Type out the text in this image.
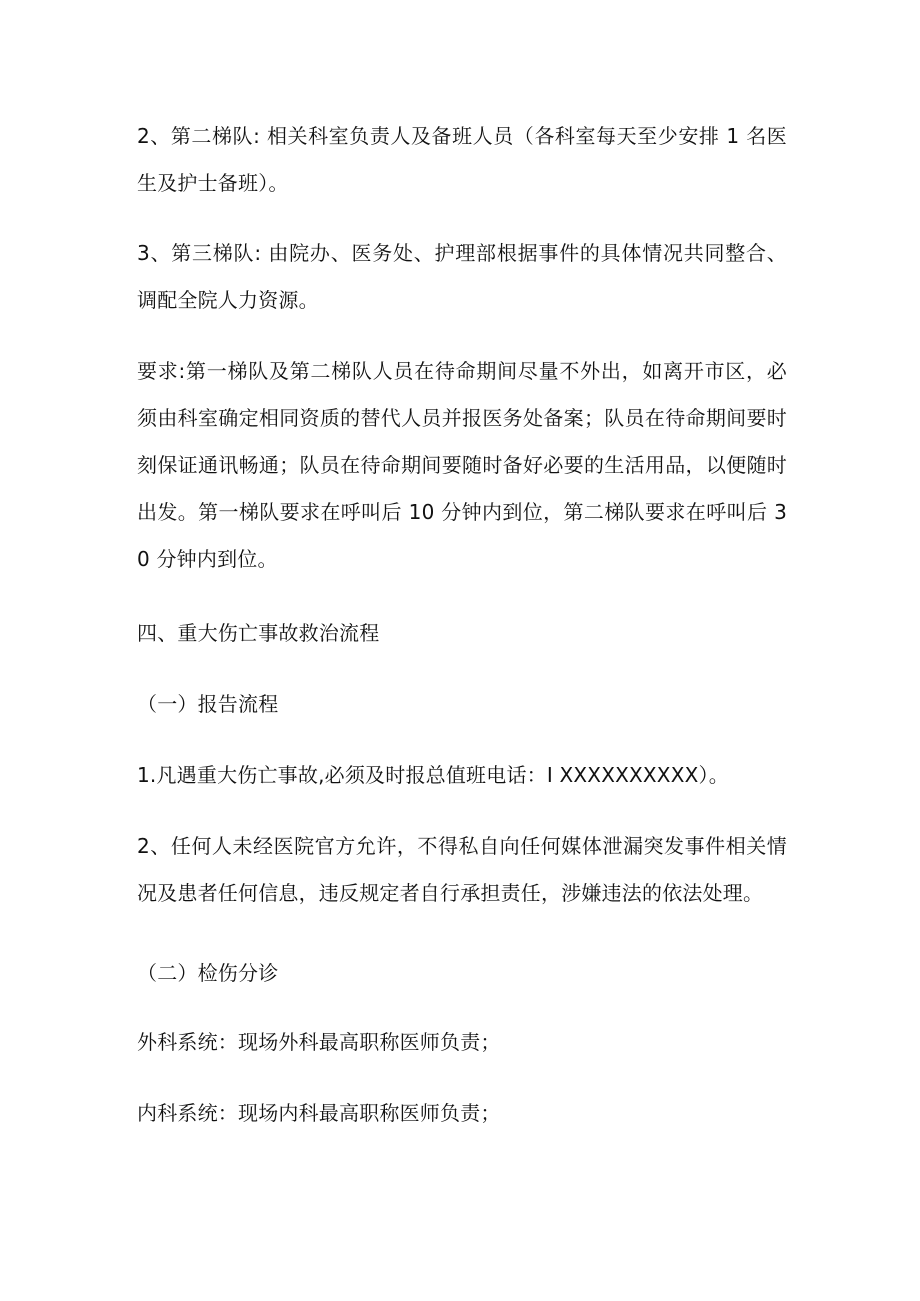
2、第二梯队: 相关科室负责人及备班人员（各科室每天至少安排 1 名医生及护士备班）。

3、第三梯队: 由院办、医务处、护理部根据事件的具体情况共同整合、调配全院人力资源。

要求:第一梯队及第二梯队人员在待命期间尽量不外出，如离开市区，必须由科室确定相同资质的替代人员并报医务处备案；队员在待命期间要时刻保证通讯畅通；队员在待命期间要随时备好必要的生活用品，以便随时出发。第一梯队要求在呼叫后 10 分钟内到位，第二梯队要求在呼叫后 30 分钟内到位。

四、重大伤亡事故救治流程

（一）报告流程

1.凡遇重大伤亡事故,必须及时报总值班电话：I XXXXXXXXXX）。

2、任何人未经医院官方允许，不得私自向任何媒体泄漏突发事件相关情况及患者任何信息，违反规定者自行承担责任，涉嫌违法的依法处理。

（二）检伤分诊

外科系统：现场外科最高职称医师负责；

内科系统：现场内科最高职称医师负责；
